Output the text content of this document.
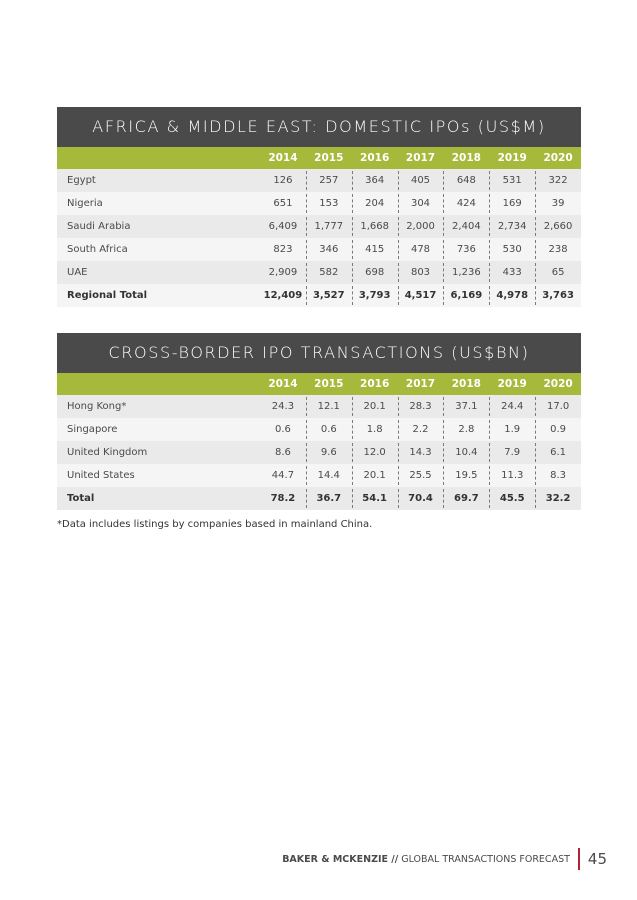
AFRICA & MIDDLE EAST: DOMESTIC IPOs (US$M)
2014	2015	2016	2017	2018	2019	2020
Egypt	126	257	364	405	648	531	322
Nigeria	651	153	204	304	424	169	39
Saudi Arabia	6,409	1,777	1,668	2,000	2,404	2,734	2,660
South Africa	823	346	415	478	736	530	238
UAE	2,909	582	698	803	1,236	433	65
Regional Total	12,409	3,527	3,793	4,517	6,169	4,978	3,763
CROSS-BORDER IPO TRANSACTIONS (US$BN)
2014	2015	2016	2017	2018	2019	2020
Hong Kong*	24.3	12.1	20.1	28.3	37.1	24.4	17.0
Singapore	0.6	0.6	1.8	2.2	2.8	1.9	0.9
United Kingdom	8.6	9.6	12.0	14.3	10.4	7.9	6.1
United States	44.7	14.4	20.1	25.5	19.5	11.3	8.3
Total	78.2	36.7	54.1	70.4	69.7	45.5	32.2
*Data includes listings by companies based in mainland China.
BAKER & MCKENZIE // GLOBAL TRANSACTIONS FORECAST 45
